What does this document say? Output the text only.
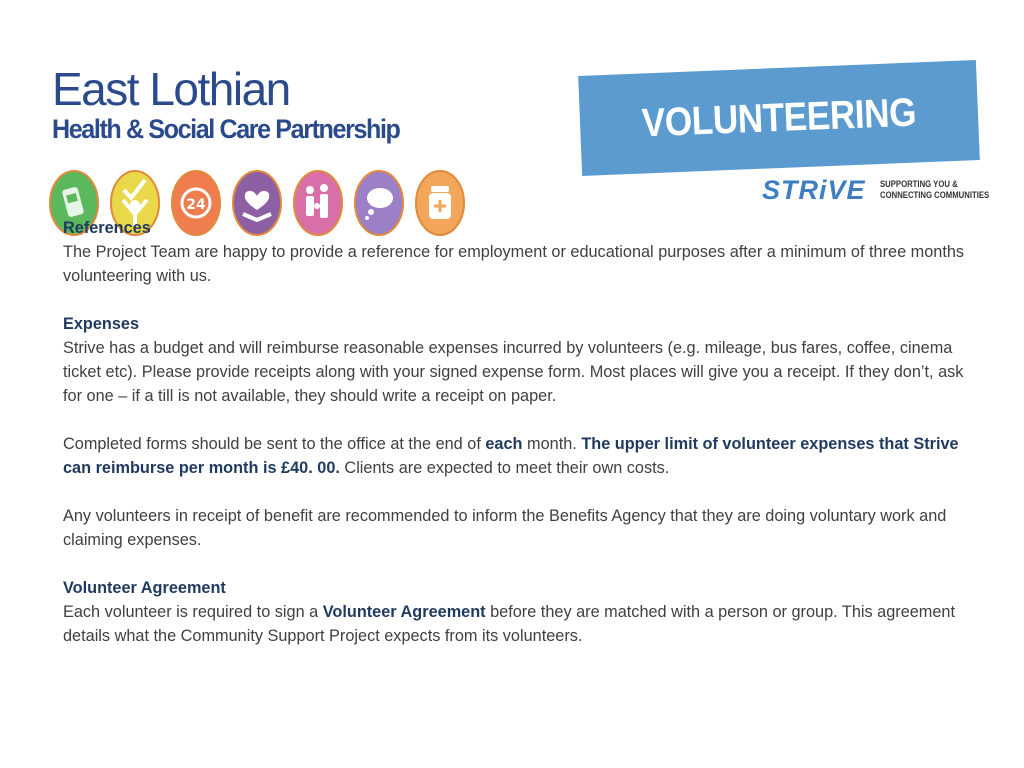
East Lothian
Health & Social Care Partnership
24
VOLUNTEERING
STRiVE SUPPORTING YOU &
CONNECTING COMMUNITIES

References
The Project Team are happy to provide a reference for employment or educational purposes after a minimum of three months volunteering with us.

Expenses
Strive has a budget and will reimburse reasonable expenses incurred by volunteers (e.g. mileage, bus fares, coffee, cinema ticket etc). Please provide receipts along with your signed expense form. Most places will give you a receipt. If they don’t, ask for one – if a till is not available, they should write a receipt on paper.

Completed forms should be sent to the office at the end of each month. The upper limit of volunteer expenses that Strive can reimburse per month is £40. 00. Clients are expected to meet their own costs.

Any volunteers in receipt of benefit are recommended to inform the Benefits Agency that they are doing voluntary work and claiming expenses.

Volunteer Agreement
Each volunteer is required to sign a Volunteer Agreement before they are matched with a person or group. This agreement details what the Community Support Project expects from its volunteers.
